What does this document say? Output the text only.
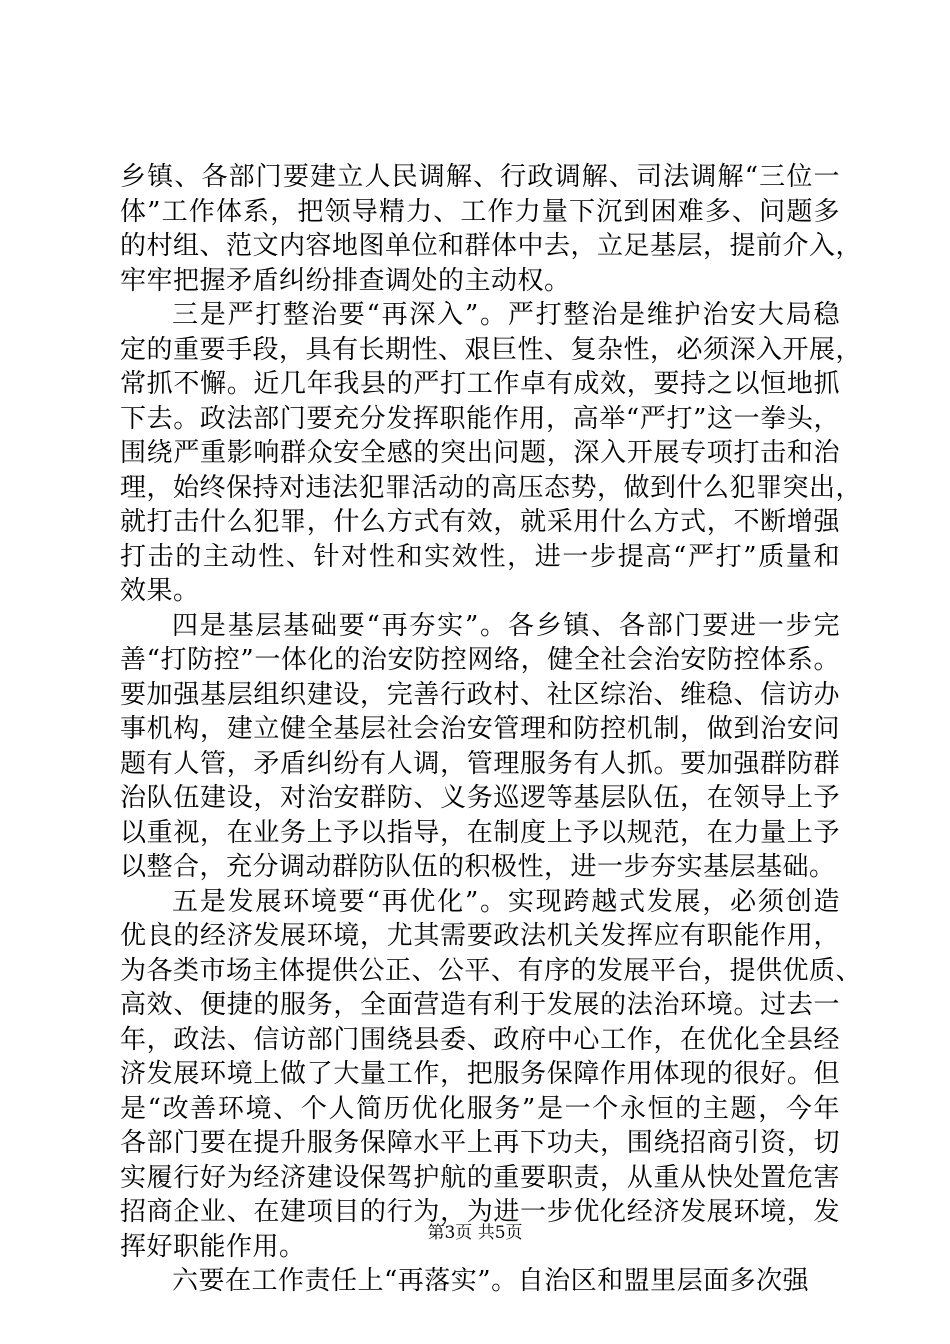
乡镇、各部门要建立人民调解、行政调解、司法调解“三位一
体”工作体系，把领导精力、工作力量下沉到困难多、问题多
的村组、范文内容地图单位和群体中去，立足基层，提前介入，
牢牢把握矛盾纠纷排查调处的主动权。
三是严打整治要“再深入”。严打整治是维护治安大局稳
定的重要手段，具有长期性、艰巨性、复杂性，必须深入开展，
常抓不懈。近几年我县的严打工作卓有成效，要持之以恒地抓
下去。政法部门要充分发挥职能作用，高举“严打”这一拳头，
围绕严重影响群众安全感的突出问题，深入开展专项打击和治
理，始终保持对违法犯罪活动的高压态势，做到什么犯罪突出，
就打击什么犯罪，什么方式有效，就采用什么方式，不断增强
打击的主动性、针对性和实效性，进一步提高“严打”质量和
效果。
四是基层基础要“再夯实”。各乡镇、各部门要进一步完
善“打防控”一体化的治安防控网络，健全社会治安防控体系。
要加强基层组织建设，完善行政村、社区综治、维稳、信访办
事机构，建立健全基层社会治安管理和防控机制，做到治安问
题有人管，矛盾纠纷有人调，管理服务有人抓。要加强群防群
治队伍建设，对治安群防、义务巡逻等基层队伍，在领导上予
以重视，在业务上予以指导，在制度上予以规范，在力量上予
以整合，充分调动群防队伍的积极性，进一步夯实基层基础。
五是发展环境要“再优化”。实现跨越式发展，必须创造
优良的经济发展环境，尤其需要政法机关发挥应有职能作用，
为各类市场主体提供公正、公平、有序的发展平台，提供优质、
高效、便捷的服务，全面营造有利于发展的法治环境。过去一
年，政法、信访部门围绕县委、政府中心工作，在优化全县经
济发展环境上做了大量工作，把服务保障作用体现的很好。但
是“改善环境、个人简历优化服务”是一个永恒的主题，今年
各部门要在提升服务保障水平上再下功夫，围绕招商引资，切
实履行好为经济建设保驾护航的重要职责，从重从快处置危害
招商企业、在建项目的行为，为进一步优化经济发展环境，发
挥好职能作用。
六要在工作责任上“再落实”。自治区和盟里层面多次强
第3页 共5页
